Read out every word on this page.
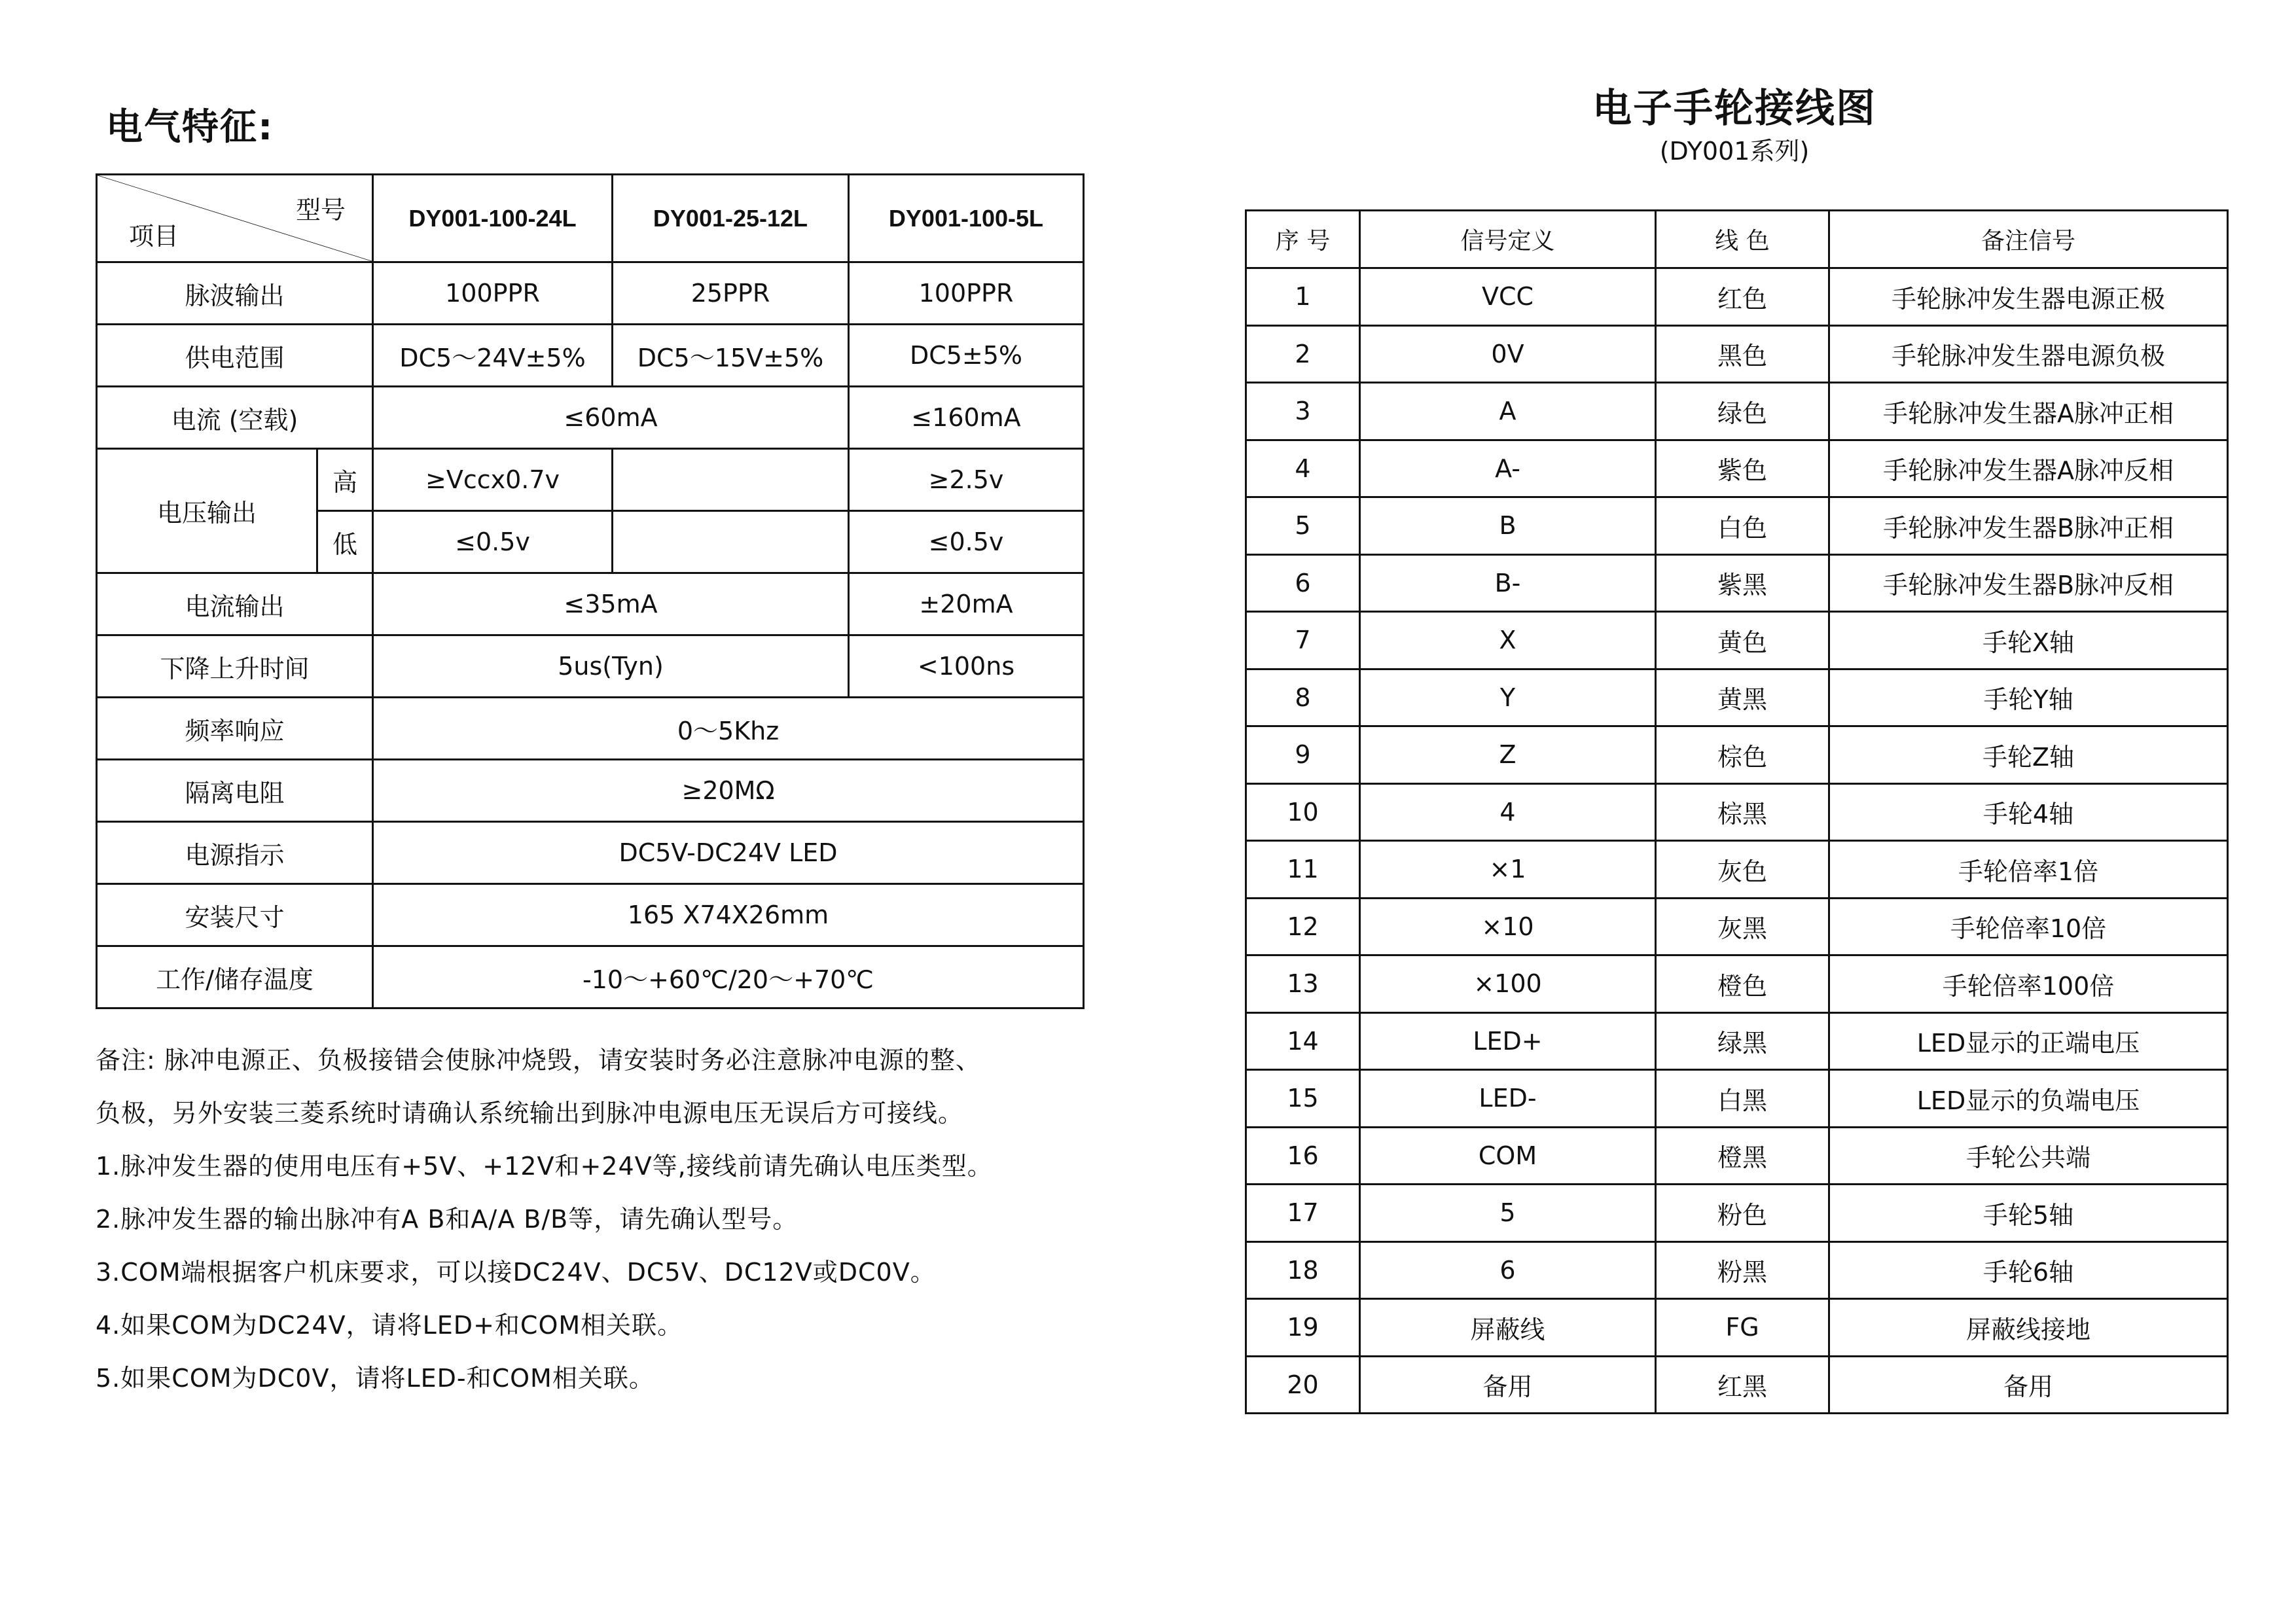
电气特征:
型号
项目		DY001-100-24L	DY001-25-12L	DY001-100-5L
脉波输出		100PPR	25PPR	100PPR
供电范围		DC5～24V±5%	DC5～15V±5%	DC5±5%
电流 (空载)		≤60mA		≤160mA
电压输出	高	≥Vccx0.7v		≥2.5v
	低	≤0.5v		≤0.5v
电流输出		≤35mA		±20mA
下降上升时间		5us(Tyn)		<100ns
频率响应		0～5Khz		
隔离电阻		≥20MΩ		
电源指示		DC5V-DC24V LED		
安装尺寸		165 X74X26mm		
工作/储存温度		-10～+60℃/20～+70℃		
备注: 脉冲电源正、负极接错会使脉冲烧毁，请安装时务必注意脉冲电源的整、
负极，另外安装三菱系统时请确认系统输出到脉冲电源电压无误后方可接线。
1.脉冲发生器的使用电压有+5V、+12V和+24V等,接线前请先确认电压类型。
2.脉冲发生器的输出脉冲有A B和A/A B/B等，请先确认型号。
3.COM端根据客户机床要求，可以接DC24V、DC5V、DC12V或DC0V。
4.如果COM为DC24V，请将LED+和COM相关联。
5.如果COM为DC0V，请将LED-和COM相关联。
电子手轮接线图
(DY001系列)
序 号	信号定义	线 色	备注信号
1	VCC	红色	手轮脉冲发生器电源正极
2	0V	黑色	手轮脉冲发生器电源负极
3	A	绿色	手轮脉冲发生器A脉冲正相
4	A-	紫色	手轮脉冲发生器A脉冲反相
5	B	白色	手轮脉冲发生器B脉冲正相
6	B-	紫黑	手轮脉冲发生器B脉冲反相
7	X	黄色	手轮X轴
8	Y	黄黑	手轮Y轴
9	Z	棕色	手轮Z轴
10	4	棕黑	手轮4轴
11	×1	灰色	手轮倍率1倍
12	×10	灰黑	手轮倍率10倍
13	×100	橙色	手轮倍率100倍
14	LED+	绿黑	LED显示的正端电压
15	LED-	白黑	LED显示的负端电压
16	COM	橙黑	手轮公共端
17	5	粉色	手轮5轴
18	6	粉黑	手轮6轴
19	屏蔽线	FG	屏蔽线接地
20	备用	红黑	备用
